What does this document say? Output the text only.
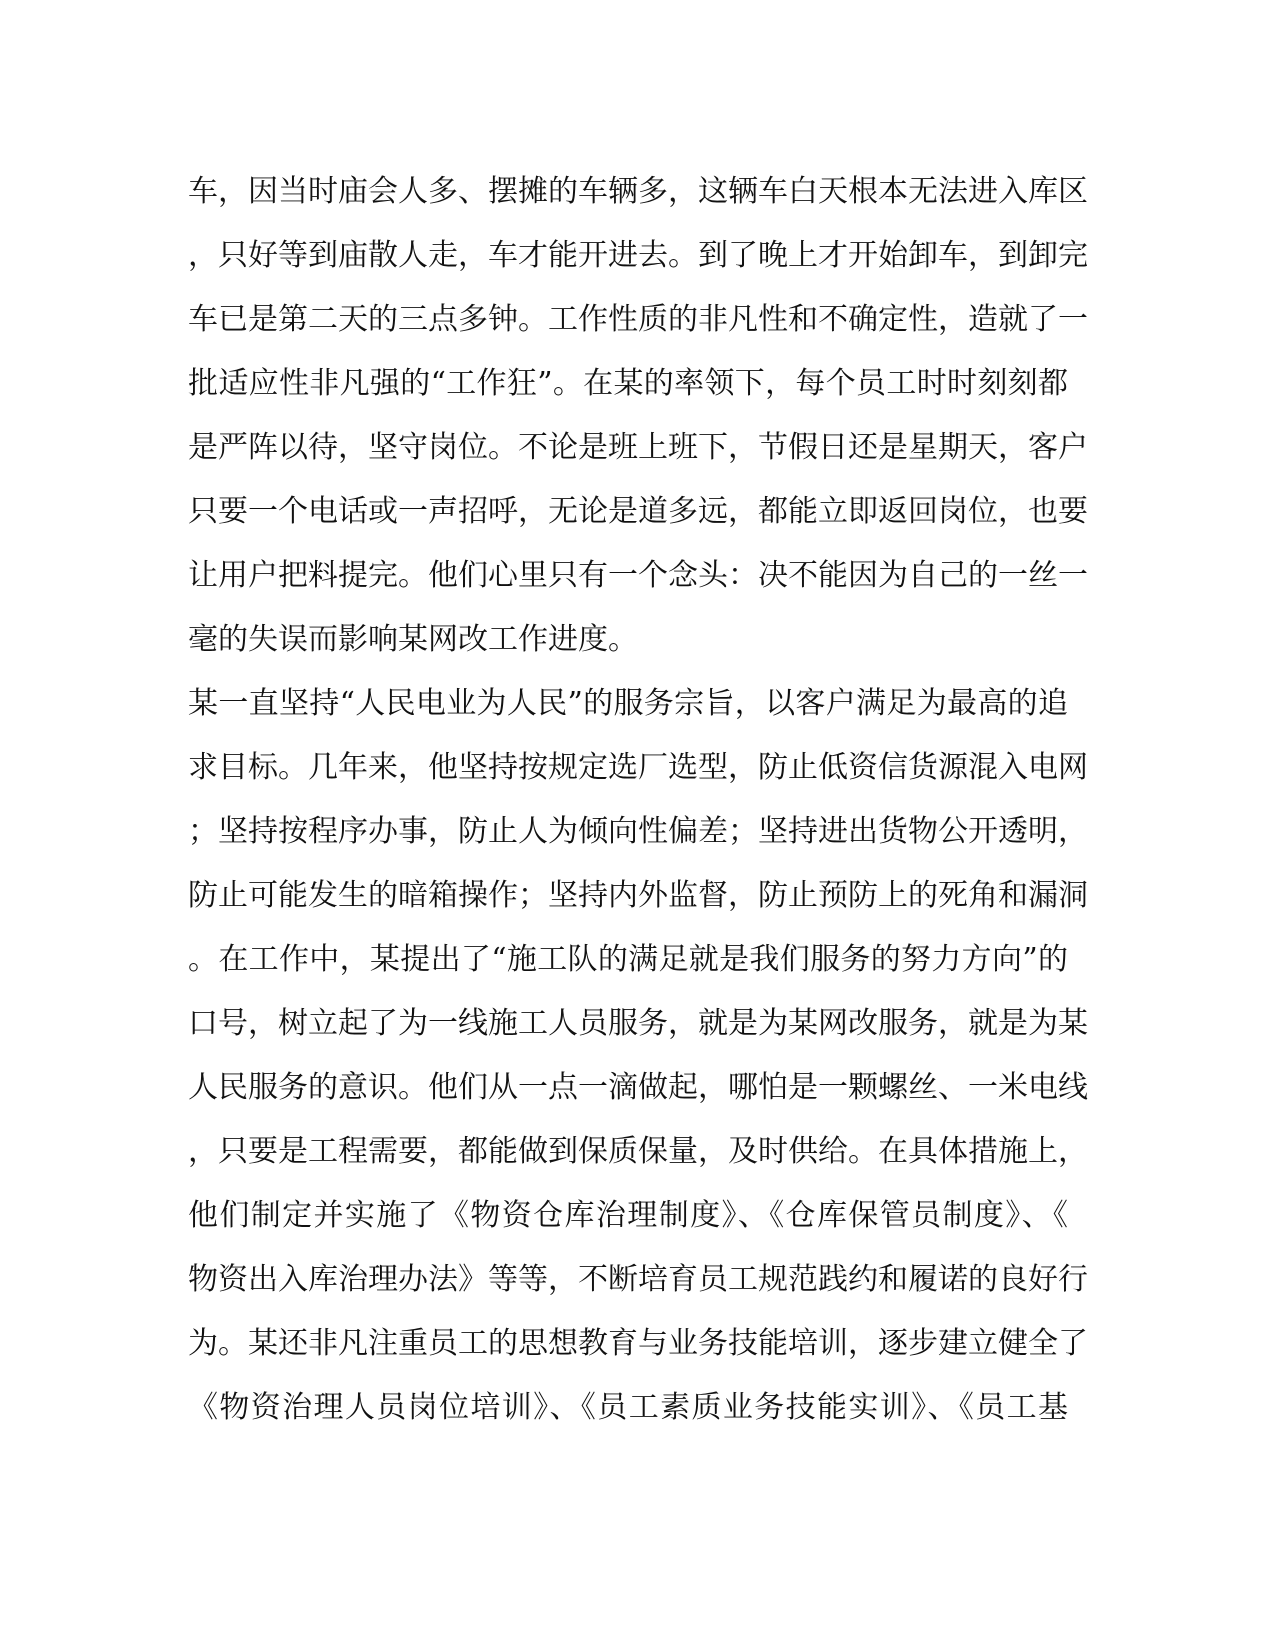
车，因当时庙会人多、摆摊的车辆多，这辆车白天根本无法进入库区
，只好等到庙散人走，车才能开进去。到了晚上才开始卸车，到卸完
车已是第二天的三点多钟。工作性质的非凡性和不确定性，造就了一
批适应性非凡强的“工作狂”。在某的率领下，每个员工时时刻刻都
是严阵以待，坚守岗位。不论是班上班下，节假日还是星期天，客户
只要一个电话或一声招呼，无论是道多远，都能立即返回岗位，也要
让用户把料提完。他们心里只有一个念头：决不能因为自己的一丝一
毫的失误而影响某网改工作进度。
某一直坚持“人民电业为人民”的服务宗旨，以客户满足为最高的追
求目标。几年来，他坚持按规定选厂选型，防止低资信货源混入电网
；坚持按程序办事，防止人为倾向性偏差；坚持进出货物公开透明，
防止可能发生的暗箱操作；坚持内外监督，防止预防上的死角和漏洞
。在工作中，某提出了“施工队的满足就是我们服务的努力方向”的
口号，树立起了为一线施工人员服务，就是为某网改服务，就是为某
人民服务的意识。他们从一点一滴做起，哪怕是一颗螺丝、一米电线
，只要是工程需要，都能做到保质保量，及时供给。在具体措施上，
他们制定并实施了《物资仓库治理制度》、《仓库保管员制度》、《
物资出入库治理办法》等等，不断培育员工规范践约和履诺的良好行
为。某还非凡注重员工的思想教育与业务技能培训，逐步建立健全了
《物资治理人员岗位培训》、《员工素质业务技能实训》、《员工基
